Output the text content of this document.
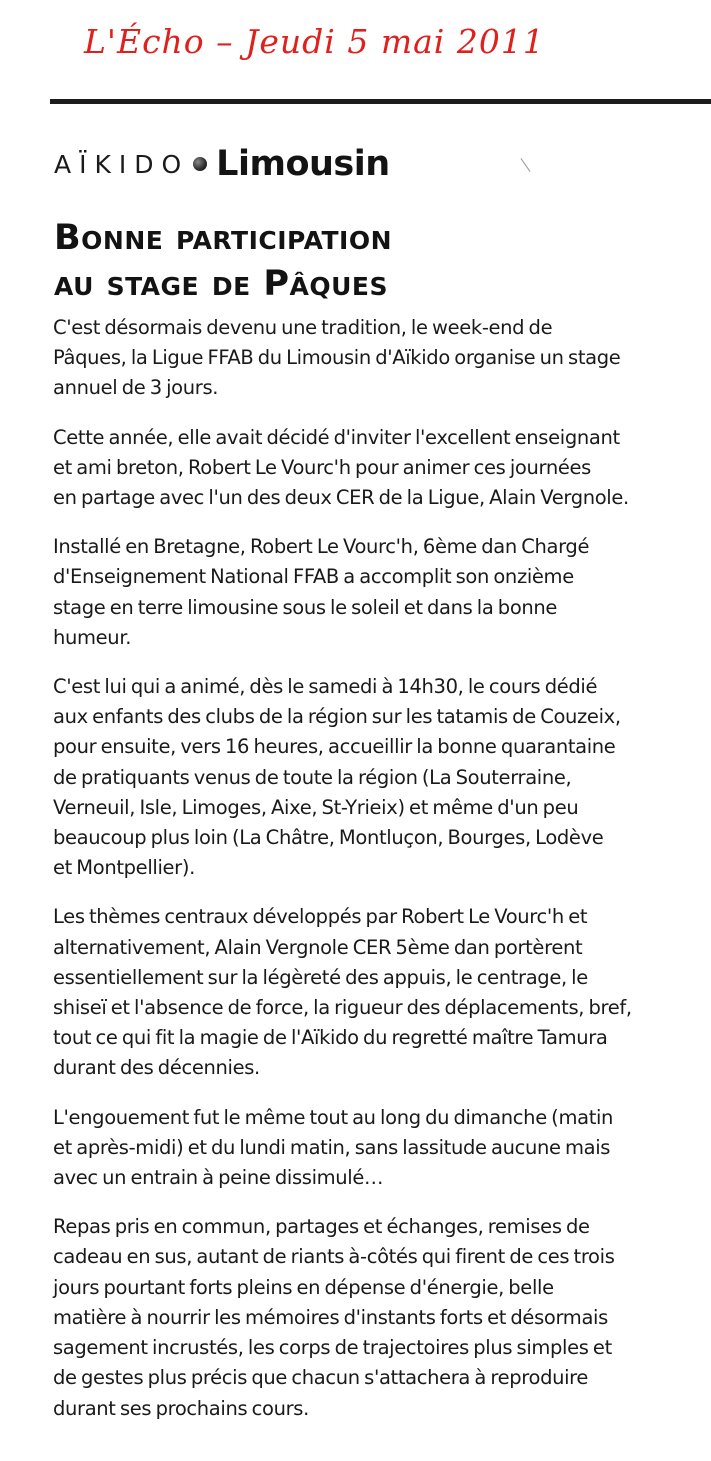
L'Écho – Jeudi 5 mai 2011
AÏKIDO Limousin
Bonne participation
au stage de Pâques

C'est désormais devenu une tradition, le week-end de
Pâques, la Ligue FFAB du Limousin d'Aïkido organise un stage
annuel de 3 jours.

Cette année, elle avait décidé d'inviter l'excellent enseignant
et ami breton, Robert Le Vourc'h pour animer ces journées
en partage avec l'un des deux CER de la Ligue, Alain Vergnole.

Installé en Bretagne, Robert Le Vourc'h, 6ème dan Chargé
d'Enseignement National FFAB a accomplit son onzième
stage en terre limousine sous le soleil et dans la bonne
humeur.

C'est lui qui a animé, dès le samedi à 14h30, le cours dédié
aux enfants des clubs de la région sur les tatamis de Couzeix,
pour ensuite, vers 16 heures, accueillir la bonne quarantaine
de pratiquants venus de toute la région (La Souterraine,
Verneuil, Isle, Limoges, Aixe, St-Yrieix) et même d'un peu
beaucoup plus loin (La Châtre, Montluçon, Bourges, Lodève
et Montpellier).

Les thèmes centraux développés par Robert Le Vourc'h et
alternativement, Alain Vergnole CER 5ème dan portèrent
essentiellement sur la légèreté des appuis, le centrage, le
shiseï et l'absence de force, la rigueur des déplacements, bref,
tout ce qui fit la magie de l'Aïkido du regretté maître Tamura
durant des décennies.

L'engouement fut le même tout au long du dimanche (matin
et après-midi) et du lundi matin, sans lassitude aucune mais
avec un entrain à peine dissimulé…

Repas pris en commun, partages et échanges, remises de
cadeau en sus, autant de riants à-côtés qui firent de ces trois
jours pourtant forts pleins en dépense d'énergie, belle
matière à nourrir les mémoires d'instants forts et désormais
sagement incrustés, les corps de trajectoires plus simples et
de gestes plus précis que chacun s'attachera à reproduire
durant ses prochains cours.
